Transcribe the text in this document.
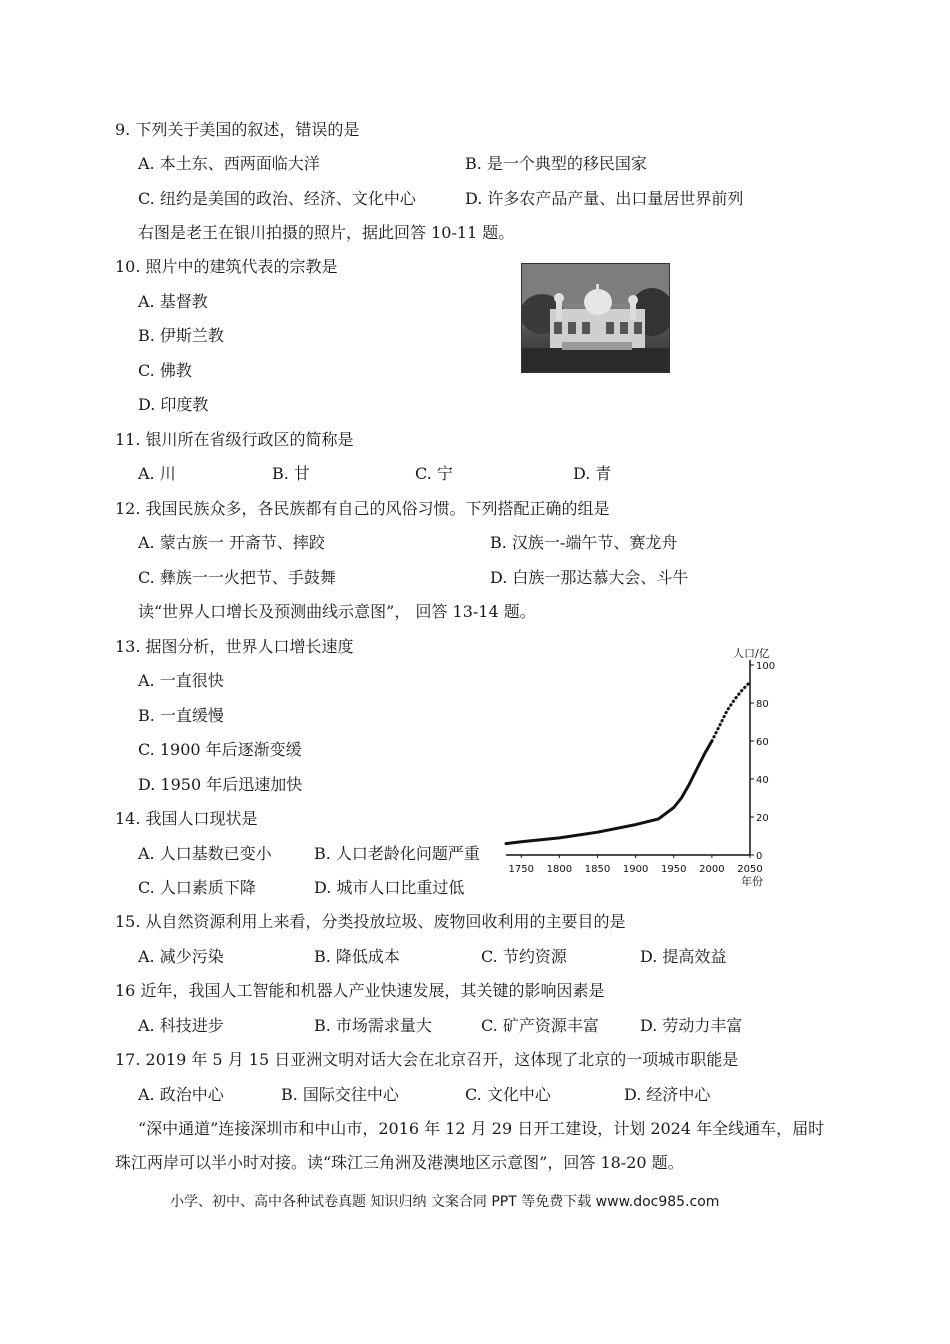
9. 下列关于美国的叙述，错误的是
A. 本土东、西两面临大洋	B. 是一个典型的移民国家
C. 纽约是美国的政治、经济、文化中心	D. 许多农产品产量、出口量居世界前列
右图是老王在银川拍摄的照片，据此回答 10-11 题。
10. 照片中的建筑代表的宗教是
A. 基督教
B. 伊斯兰教
C. 佛教
D. 印度教
11. 银川所在省级行政区的简称是
A. 川	B. 甘	C. 宁	D. 青
12. 我国民族众多，各民族都有自己的风俗习惯。下列搭配正确的组是
A. 蒙古族一 开斋节、摔跤	B. 汉族一-端午节、赛龙舟
C. 彝族一一火把节、手鼓舞	D. 白族一那达慕大会、斗牛
读“世界人口增长及预测曲线示意图”， 回答 13-14 题。
13. 据图分析，世界人口增长速度
A. 一直很快
B. 一直缓慢
C. 1900 年后逐渐变缓
D. 1950 年后迅速加快
14. 我国人口现状是
A. 人口基数已变小	B. 人口老龄化问题严重
C. 人口素质下降	D. 城市人口比重过低
人口/亿
年份
0
20
40
60
80
100
1750 1800 1850 1900 1950 2000 2050
15. 从自然资源利用上来看，分类投放垃圾、废物回收利用的主要目的是
A. 减少污染	B. 降低成本	C. 节约资源	D. 提高效益
16 近年，我国人工智能和机器人产业快速发展，其关键的影响因素是
A. 科技进步	B. 市场需求量大	C. 矿产资源丰富	D. 劳动力丰富
17. 2019 年 5 月 15 日亚洲文明对话大会在北京召开，这体现了北京的一项城市职能是
A. 政治中心	B. 国际交往中心	C. 文化中心	D. 经济中心
“深中通道”连接深圳市和中山市，2016 年 12 月 29 日开工建设，计划 2024 年全线通车，届时
珠江两岸可以半小时对接。读“珠江三角洲及港澳地区示意图”，回答 18-20 题。
小学、初中、高中各种试卷真题 知识归纳 文案合同 PPT 等免费下载 www.doc985.com
